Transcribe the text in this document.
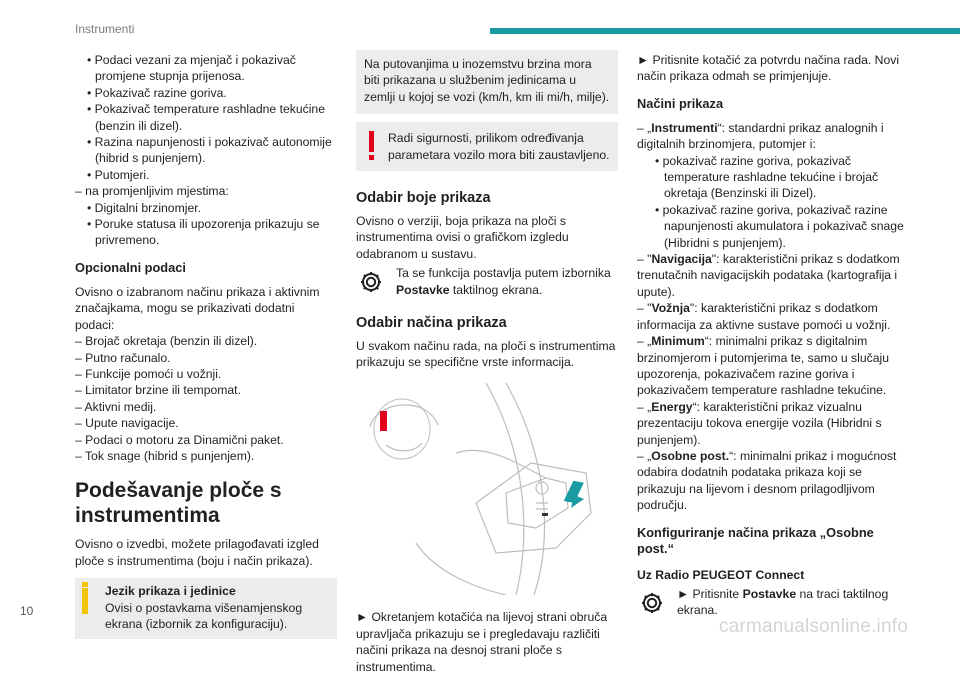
Instrumenti

• Podaci vezani za mjenjač i pokazivač promjene stupnja prijenosa.

• Pokazivač razine goriva.

• Pokazivač temperature rashladne tekućine (benzin ili dizel).

• Razina napunjenosti i pokazivač autonomije (hibrid s punjenjem).

• Putomjeri.

– na promjenljivim mjestima:

• Digitalni brzinomjer.

• Poruke statusa ili upozorenja prikazuju se privremeno.

Opcionalni podaci

Ovisno o izabranom načinu prikaza i aktivnim značajkama, mogu se prikazivati dodatni podaci:

– Brojač okretaja (benzin ili dizel).

– Putno računalo.

– Funkcije pomoći u vožnji.

– Limitator brzine ili tempomat.

– Aktivni medij.

– Upute navigacije.

– Podaci o motoru za Dinamični paket.

– Tok snage (hibrid s punjenjem).

Podešavanje ploče s instrumentima

Ovisno o izvedbi, možete prilagođavati izgled ploče s instrumentima (boju i način prikaza).

Jezik prikaza i jedinice
Ovisi o postavkama višenamjenskog ekrana (izbornik za konfiguraciju).
Na putovanjima u inozemstvu brzina mora biti prikazana u službenim jedinicama u zemlji u kojoj se vozi (km/h, km ili mi/h, milje).
Radi sigurnosti, prilikom određivanja parametara vozilo mora biti zaustavljeno.
Odabir boje prikaza

Ovisno o verziji, boja prikaza na ploči s instrumentima ovisi o grafičkom izgledu odabranom u sustavu.

Ta se funkcija postavlja putem izbornika Postavke taktilnog ekrana.
Odabir načina prikaza

U svakom načinu rada, na ploči s instrumentima prikazuju se specifične vrste informacija.

► Okretanjem kotačića na lijevoj strani obruča upravljača prikazuju se i pregledavaju različiti načini prikaza na desnoj strani ploče s instrumentima.

► Pritisnite kotačić za potvrdu načina rada. Novi način prikaza odmah se primjenjuje.

Načini prikaza

– „Instrumenti“: standardni prikaz analognih i digitalnih brzinomjera, putomjer i:

• pokazivač razine goriva, pokazivač temperature rashladne tekućine i brojač okretaja (Benzinski ili Dizel).

• pokazivač razine goriva, pokazivač razine napunjenosti akumulatora i pokazivač snage (Hibridni s punjenjem).

– "Navigacija": karakteristični prikaz s dodatkom trenutačnih navigacijskih podataka (kartografija i upute).

– "Vožnja": karakteristični prikaz s dodatkom informacija za aktivne sustave pomoći u vožnji.

– „Minimum“: minimalni prikaz s digitalnim brzinomjerom i putomjerima te, samo u slučaju upozorenja, pokazivačem razine goriva i pokazivačem temperature rashladne tekućine.

– „Energy“: karakteristični prikaz vizualnu prezentaciju tokova energije vozila (Hibridni s punjenjem).

– „Osobne post.“: minimalni prikaz i mogućnost odabira dodatnih podataka prikaza koji se prikazuju na lijevom i desnom prilagodljivom području.

Konfiguriranje načina prikaza „Osobne post.“

Uz Radio PEUGEOT Connect

► Pritisnite Postavke na traci taktilnog ekrana.
10
carmanualsonline.info
